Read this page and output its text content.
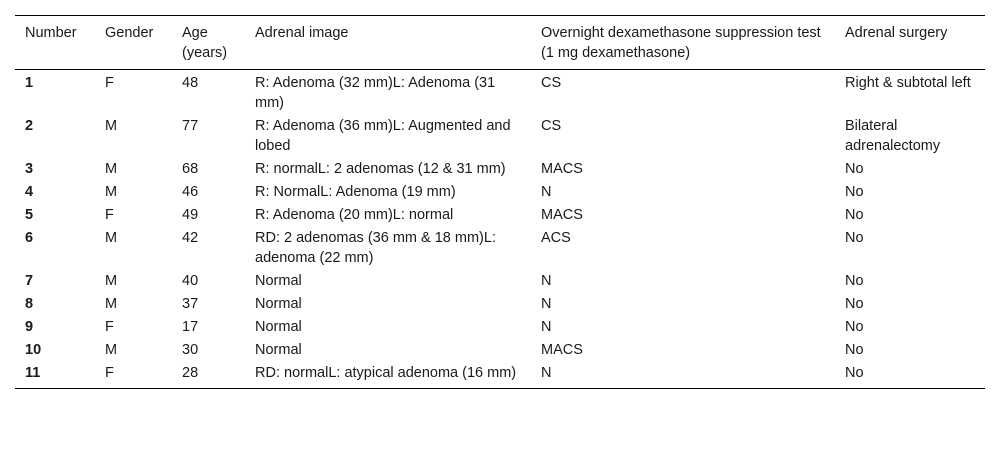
Number	Gender	Age (years)	Adrenal image	Overnight dexamethasone suppression test (1 mg dexamethasone)	Adrenal surgery
1	F	48	R: Adenoma (32 mm)L: Adenoma (31 mm)	CS	Right & subtotal left
2	M	77	R: Adenoma (36 mm)L: Augmented and lobed	CS	Bilateral adrenalectomy
3	M	68	R: normalL: 2 adenomas (12 & 31 mm)	MACS	No
4	M	46	R: NormalL: Adenoma (19 mm)	N	No
5	F	49	R: Adenoma (20 mm)L: normal	MACS	No
6	M	42	RD: 2 adenomas (36 mm & 18 mm)L: adenoma (22 mm)	ACS	No
7	M	40	Normal	N	No
8	M	37	Normal	N	No
9	F	17	Normal	N	No
10	M	30	Normal	MACS	No
11	F	28	RD: normalL: atypical adenoma (16 mm)	N	No
